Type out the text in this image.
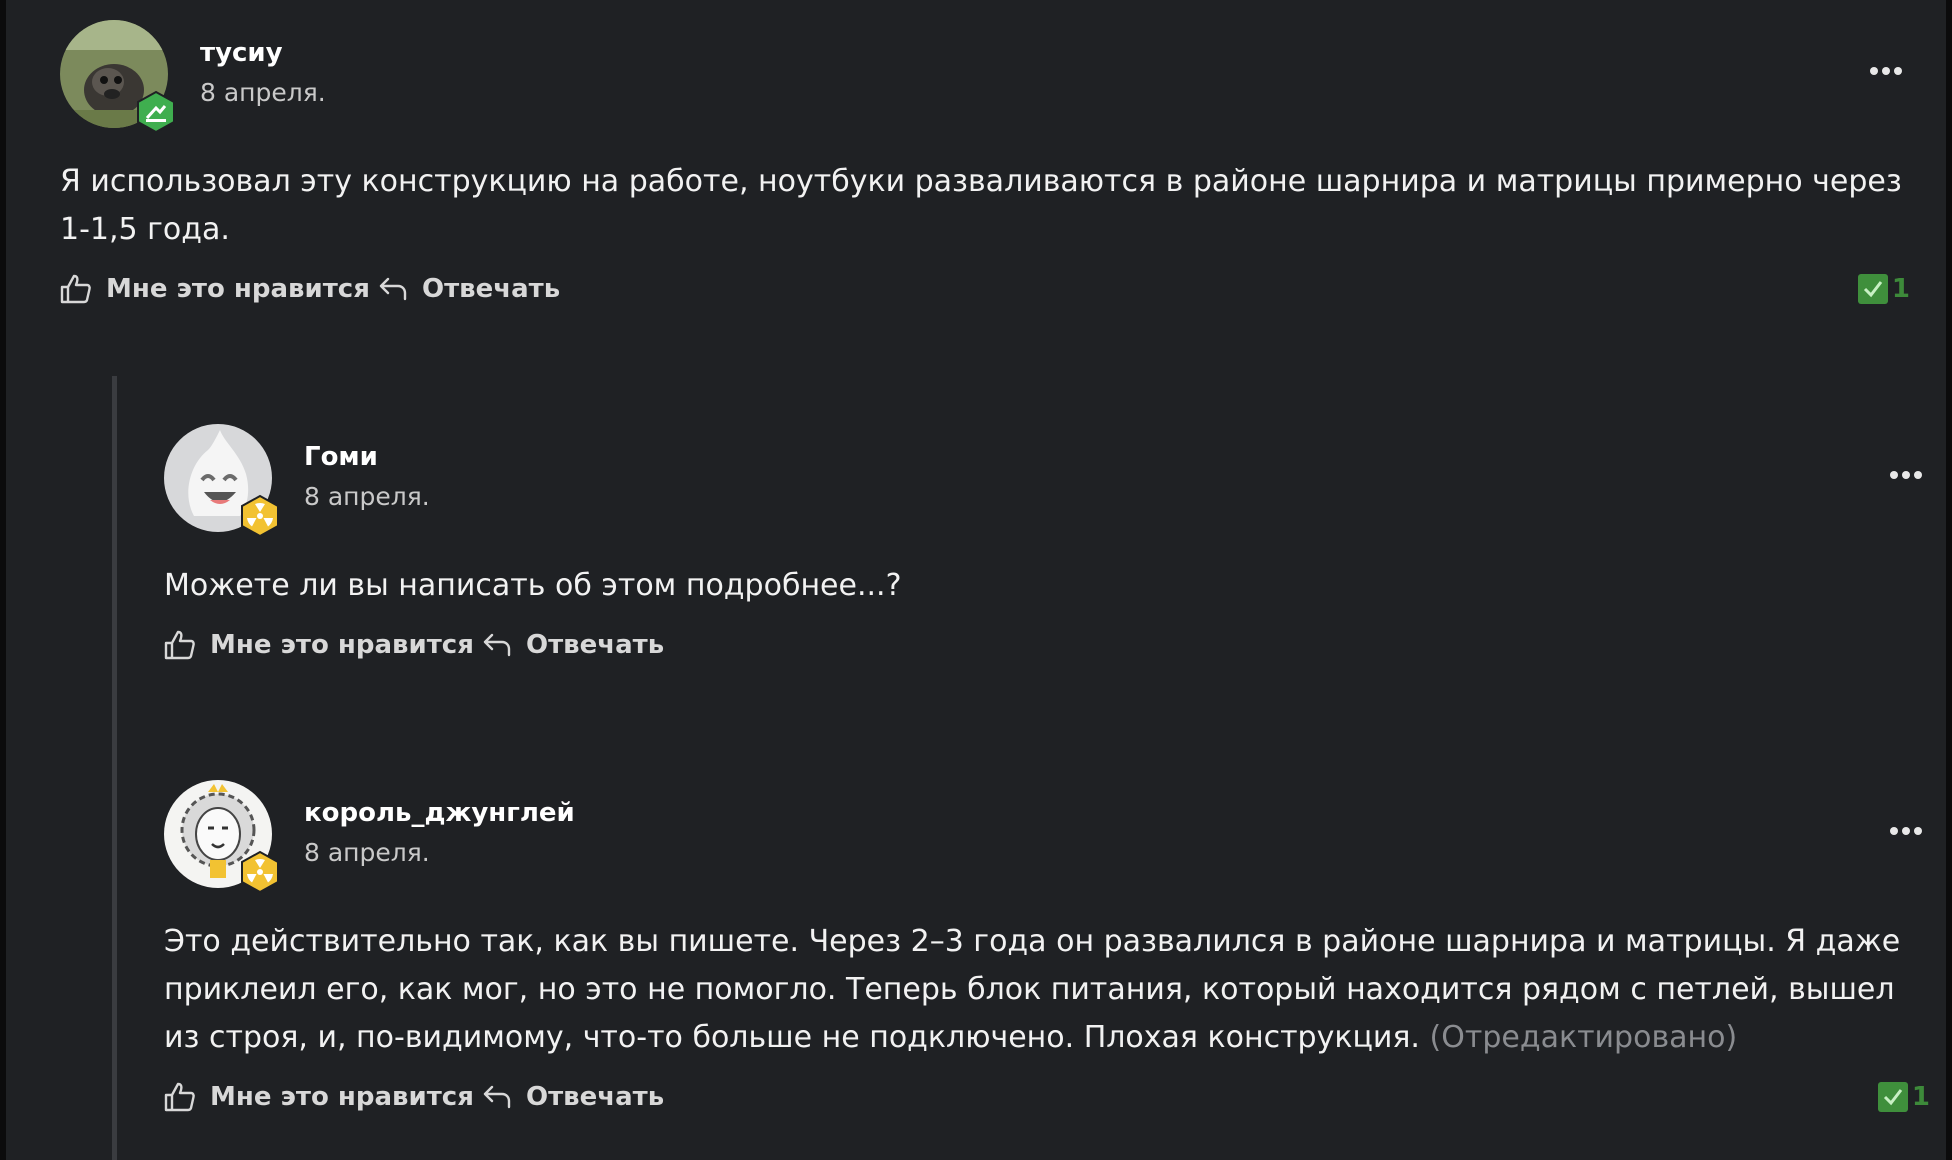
тусиу
8 апреля.
Я использовал эту конструкцию на работе, ноутбуки разваливаются в районе шарнира и матрицы примерно через 1-1,5 года.
Мне это нравится Отвечать	1
Гоми
8 апреля.
Можете ли вы написать об этом подробнее...?
Мне это нравится Отвечать
король_джунглей
8 апреля.
Это действительно так, как вы пишете. Через 2–3 года он развалился в районе шарнира и матрицы. Я даже приклеил его, как мог, но это не помогло. Теперь блок питания, который находится рядом с петлей, вышел из строя, и, по-видимому, что-то больше не подключено. Плохая конструкция. (Отредактировано)
Мне это нравится Отвечать	1
